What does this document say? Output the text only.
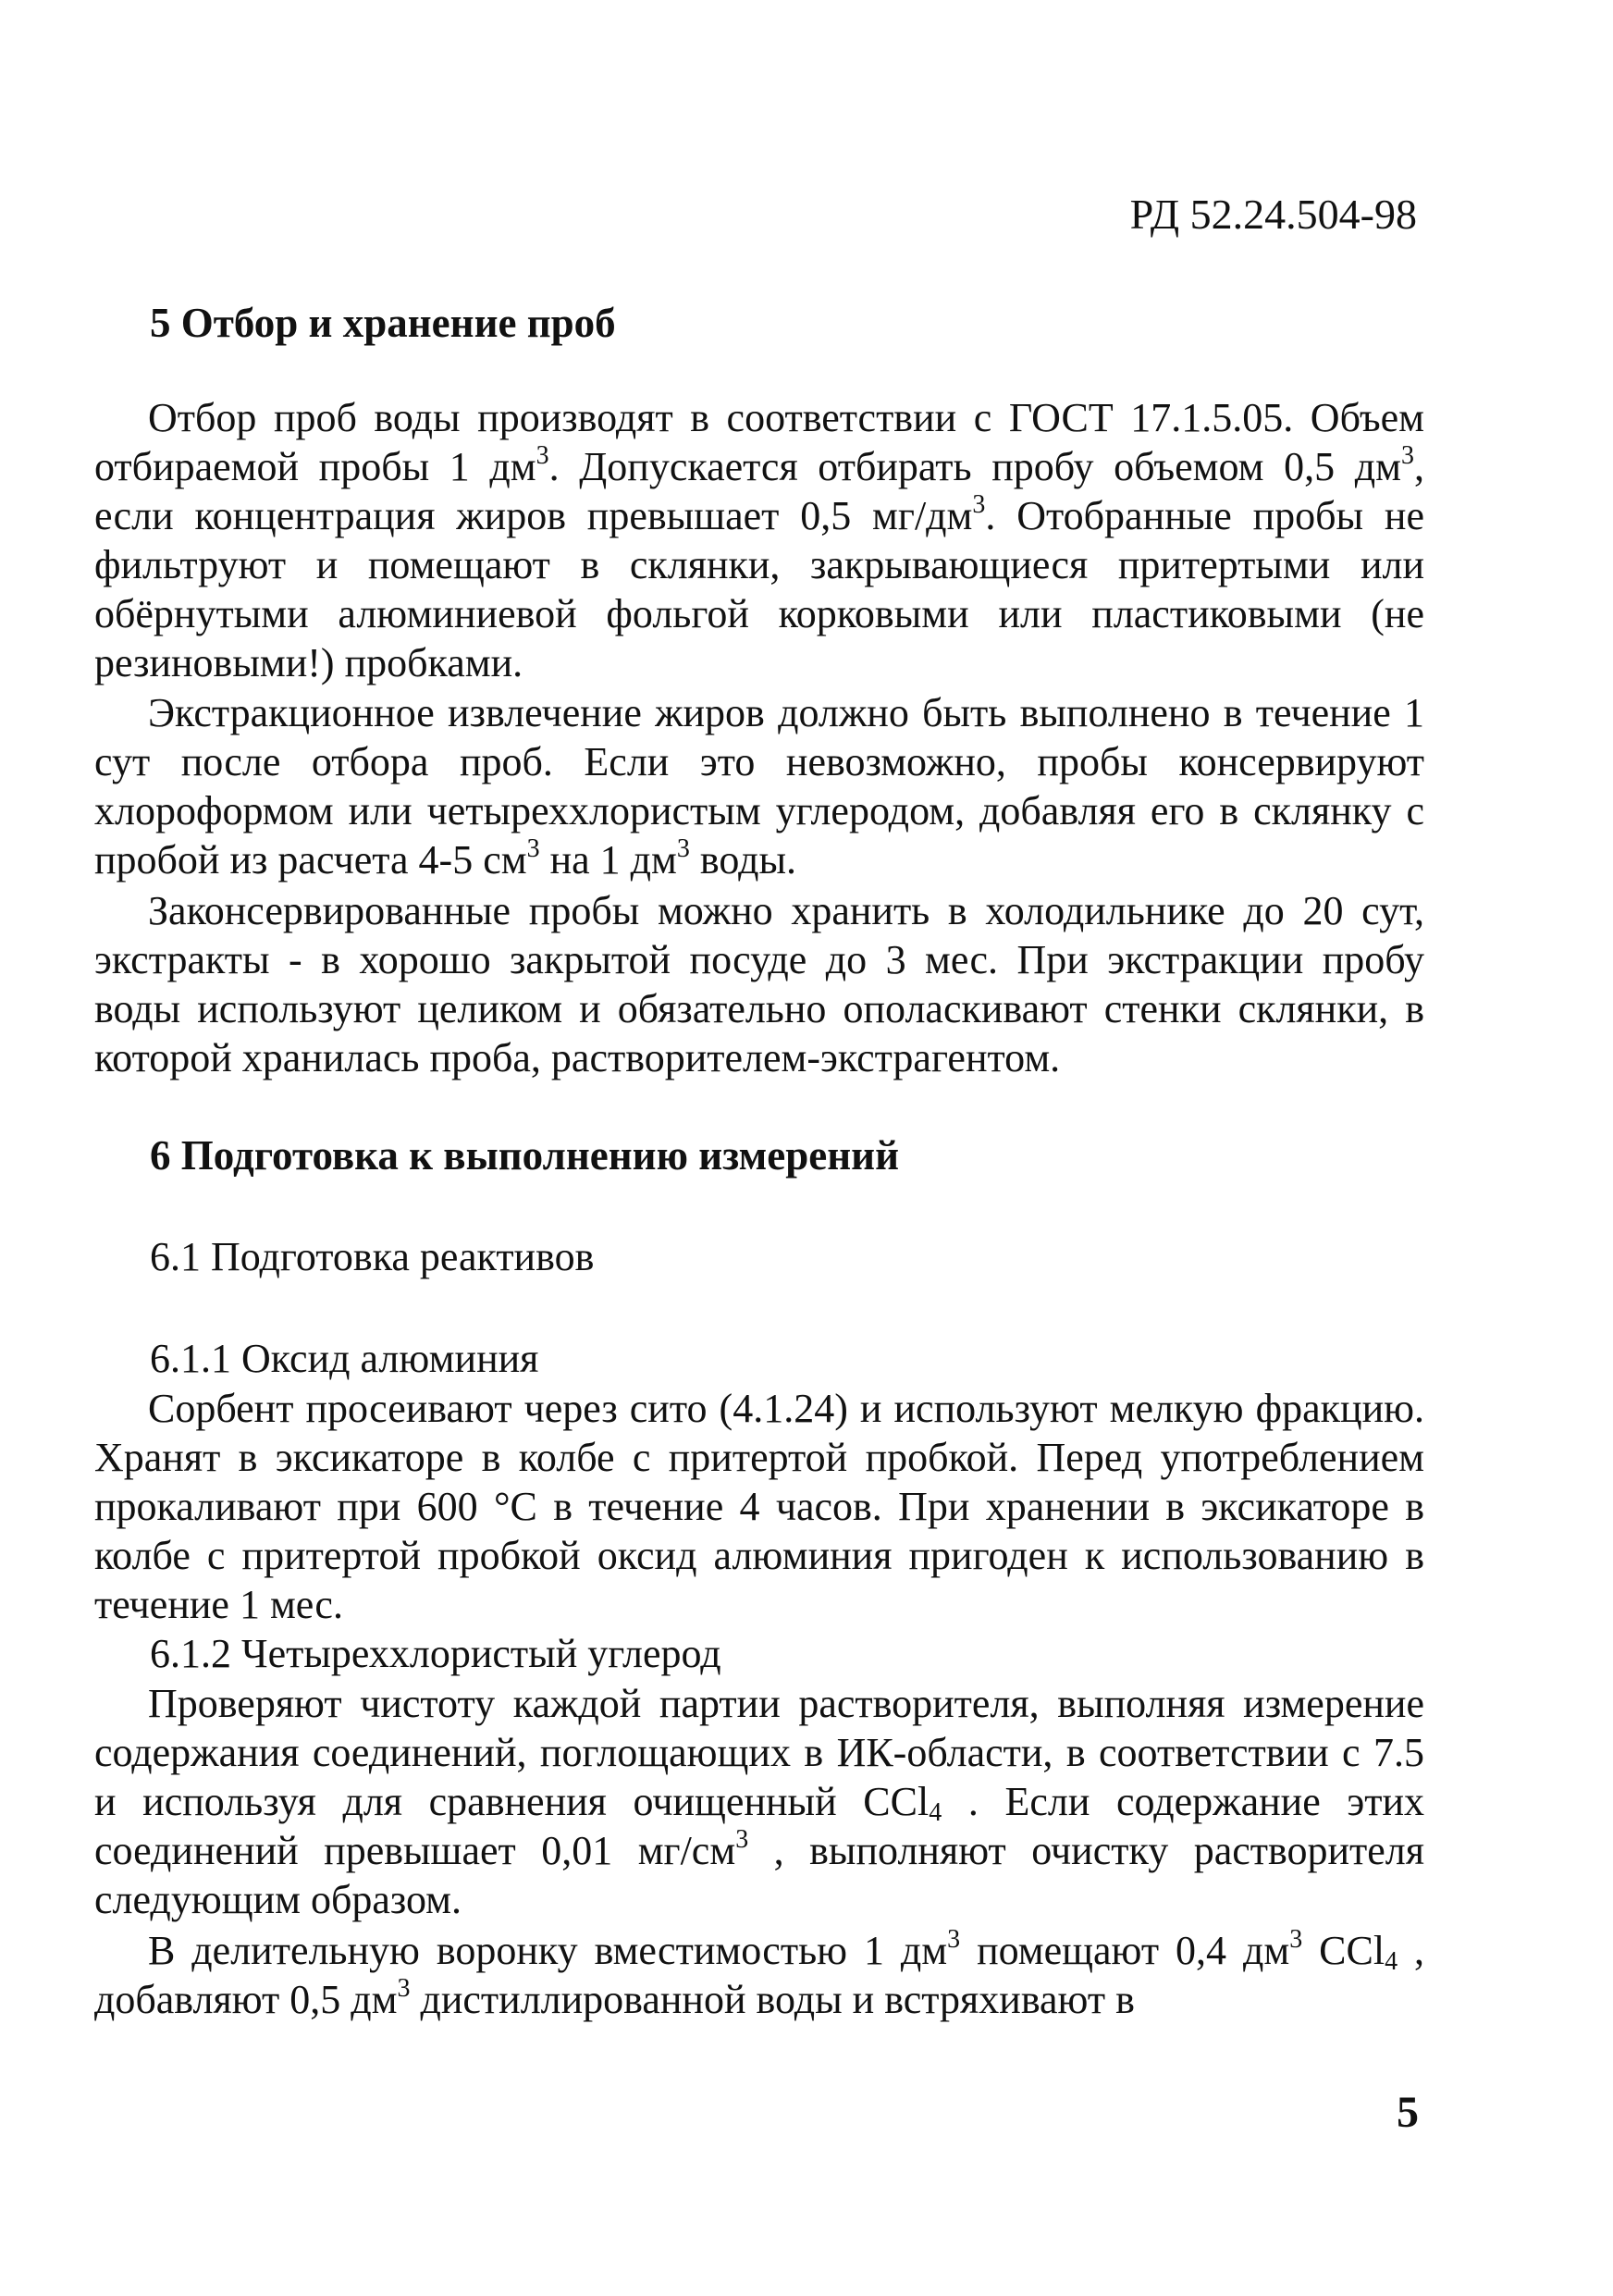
РД 52.24.504-98
5 Отбор и хранение проб

Отбор проб воды производят в соответствии с ГОСТ 17.1.5.05. Объем отбираемой пробы 1 $дм^3$. Допускается отбирать пробу объемом 0,5 $дм^3$, если концентрация жиров превышает 0,5 $мг/дм^3$. Отобранные пробы не фильтруют и помещают в склянки, закрывающиеся притертыми или обёрнутыми алюминиевой фольгой корковыми или пластиковыми (не резиновыми!) пробками.

Экстракционное извлечение жиров должно быть выполнено в течение 1 сут после отбора проб. Если это невозможно, пробы консервируют хлороформом или четыреххлористым углеродом, добавляя его в склянку с пробой из расчета 4-5 $см^3$ на 1 $дм^3$ воды.

Законсервированные пробы можно хранить в холодильнике до 20 сут, экстракты - в хорошо закрытой посуде до 3 мес. При экстракции пробу воды используют целиком и обязательно ополаскивают стенки склянки, в которой хранилась проба, растворителем-экстрагентом.

6 Подготовка к выполнению измерений
6.1 Подготовка реактивов
6.1.1 Оксид алюминия

Сорбент просеивают через сито (4.1.24) и используют мелкую фракцию. Хранят в эксикаторе в колбе с притертой пробкой. Перед употреблением прокаливают при 600 °С в течение 4 часов. При хранении в эксикаторе в колбе с притертой пробкой оксид алюминия пригоден к использованию в течение 1 мес.

6.1.2 Четыреххлористый углерод

Проверяют чистоту каждой партии растворителя, выполняя измерение содержания соединений, поглощающих в ИК-области, в соответствии с 7.5 и используя для сравнения очищенный CCl$_4$ . Если содержание этих соединений превышает 0,01 $мг/см^3$ , выполняют очистку растворителя следующим образом.

В делительную воронку вместимостью 1 $дм^3$ помещают 0,4 $дм^3$ CCl$_4$ , добавляют 0,5 $дм^3$ дистиллированной воды и встряхивают в

5
